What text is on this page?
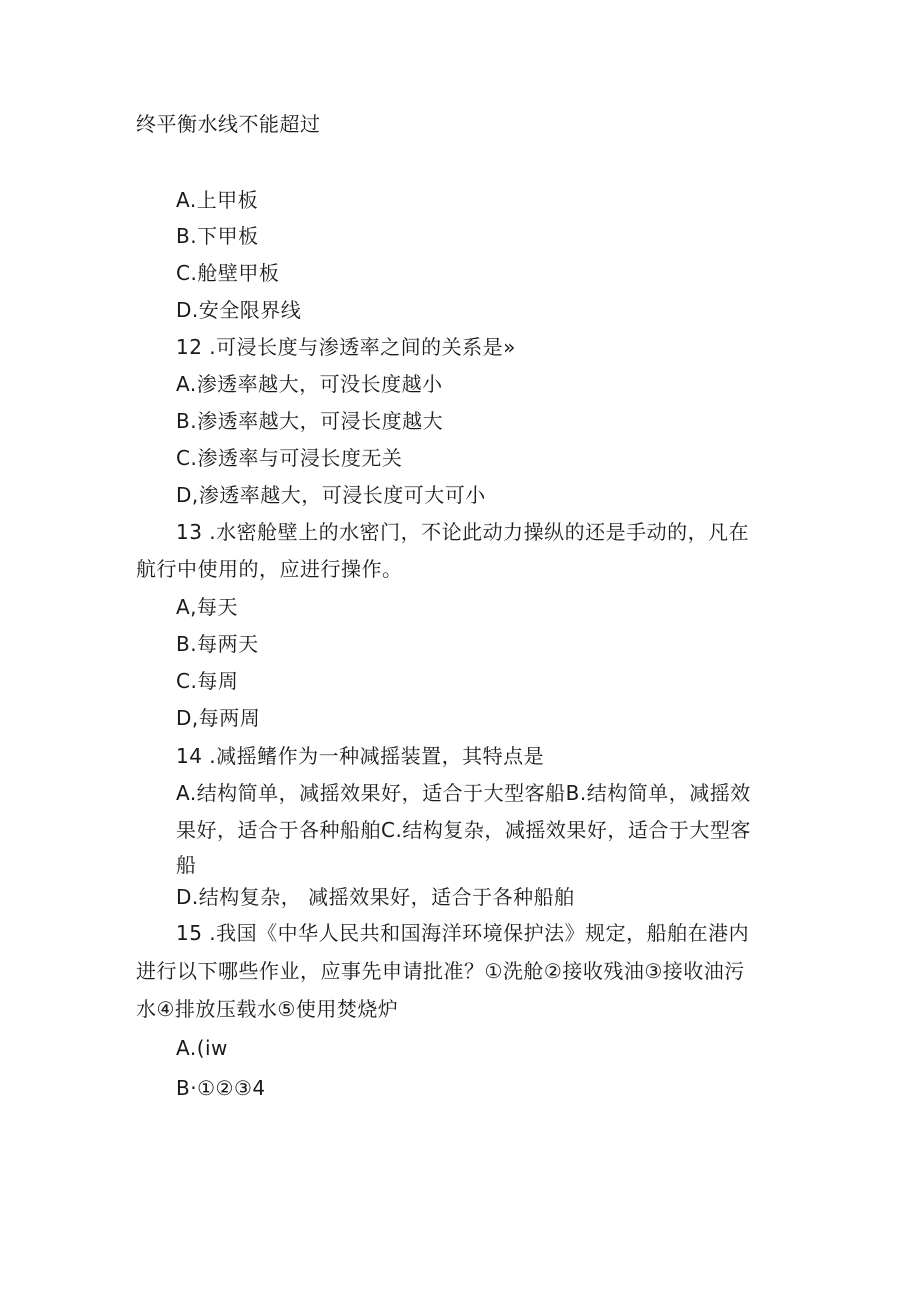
终平衡水线不能超过
A.上甲板
B.下甲板
C.舱壁甲板
D.安全限界线
12 .可浸长度与渗透率之间的关系是»
A.渗透率越大，可没长度越小
B.渗透率越大，可浸长度越大
C.渗透率与可浸长度无关
D,渗透率越大，可浸长度可大可小
13 .水密舱壁上的水密门，不论此动力操纵的还是手动的，凡在
航行中使用的，应进行操作。
A,每天
B.每两天
C.每周
D,每两周
14 .减摇鳍作为一种减摇装置，其特点是
A.结构简单，减摇效果好，适合于大型客船B.结构简单，减摇效
果好，适合于各种船舶C.结构复杂，减摇效果好，适合于大型客
船
D.结构复杂， 减摇效果好，适合于各种船舶
15 .我国《中华人民共和国海洋环境保护法》规定，船舶在港内
进行以下哪些作业，应事先申请批准？①洗舱②接收残油③接收油污
水④排放压载水⑤使用焚烧炉
A.(iw
B·①②③4
